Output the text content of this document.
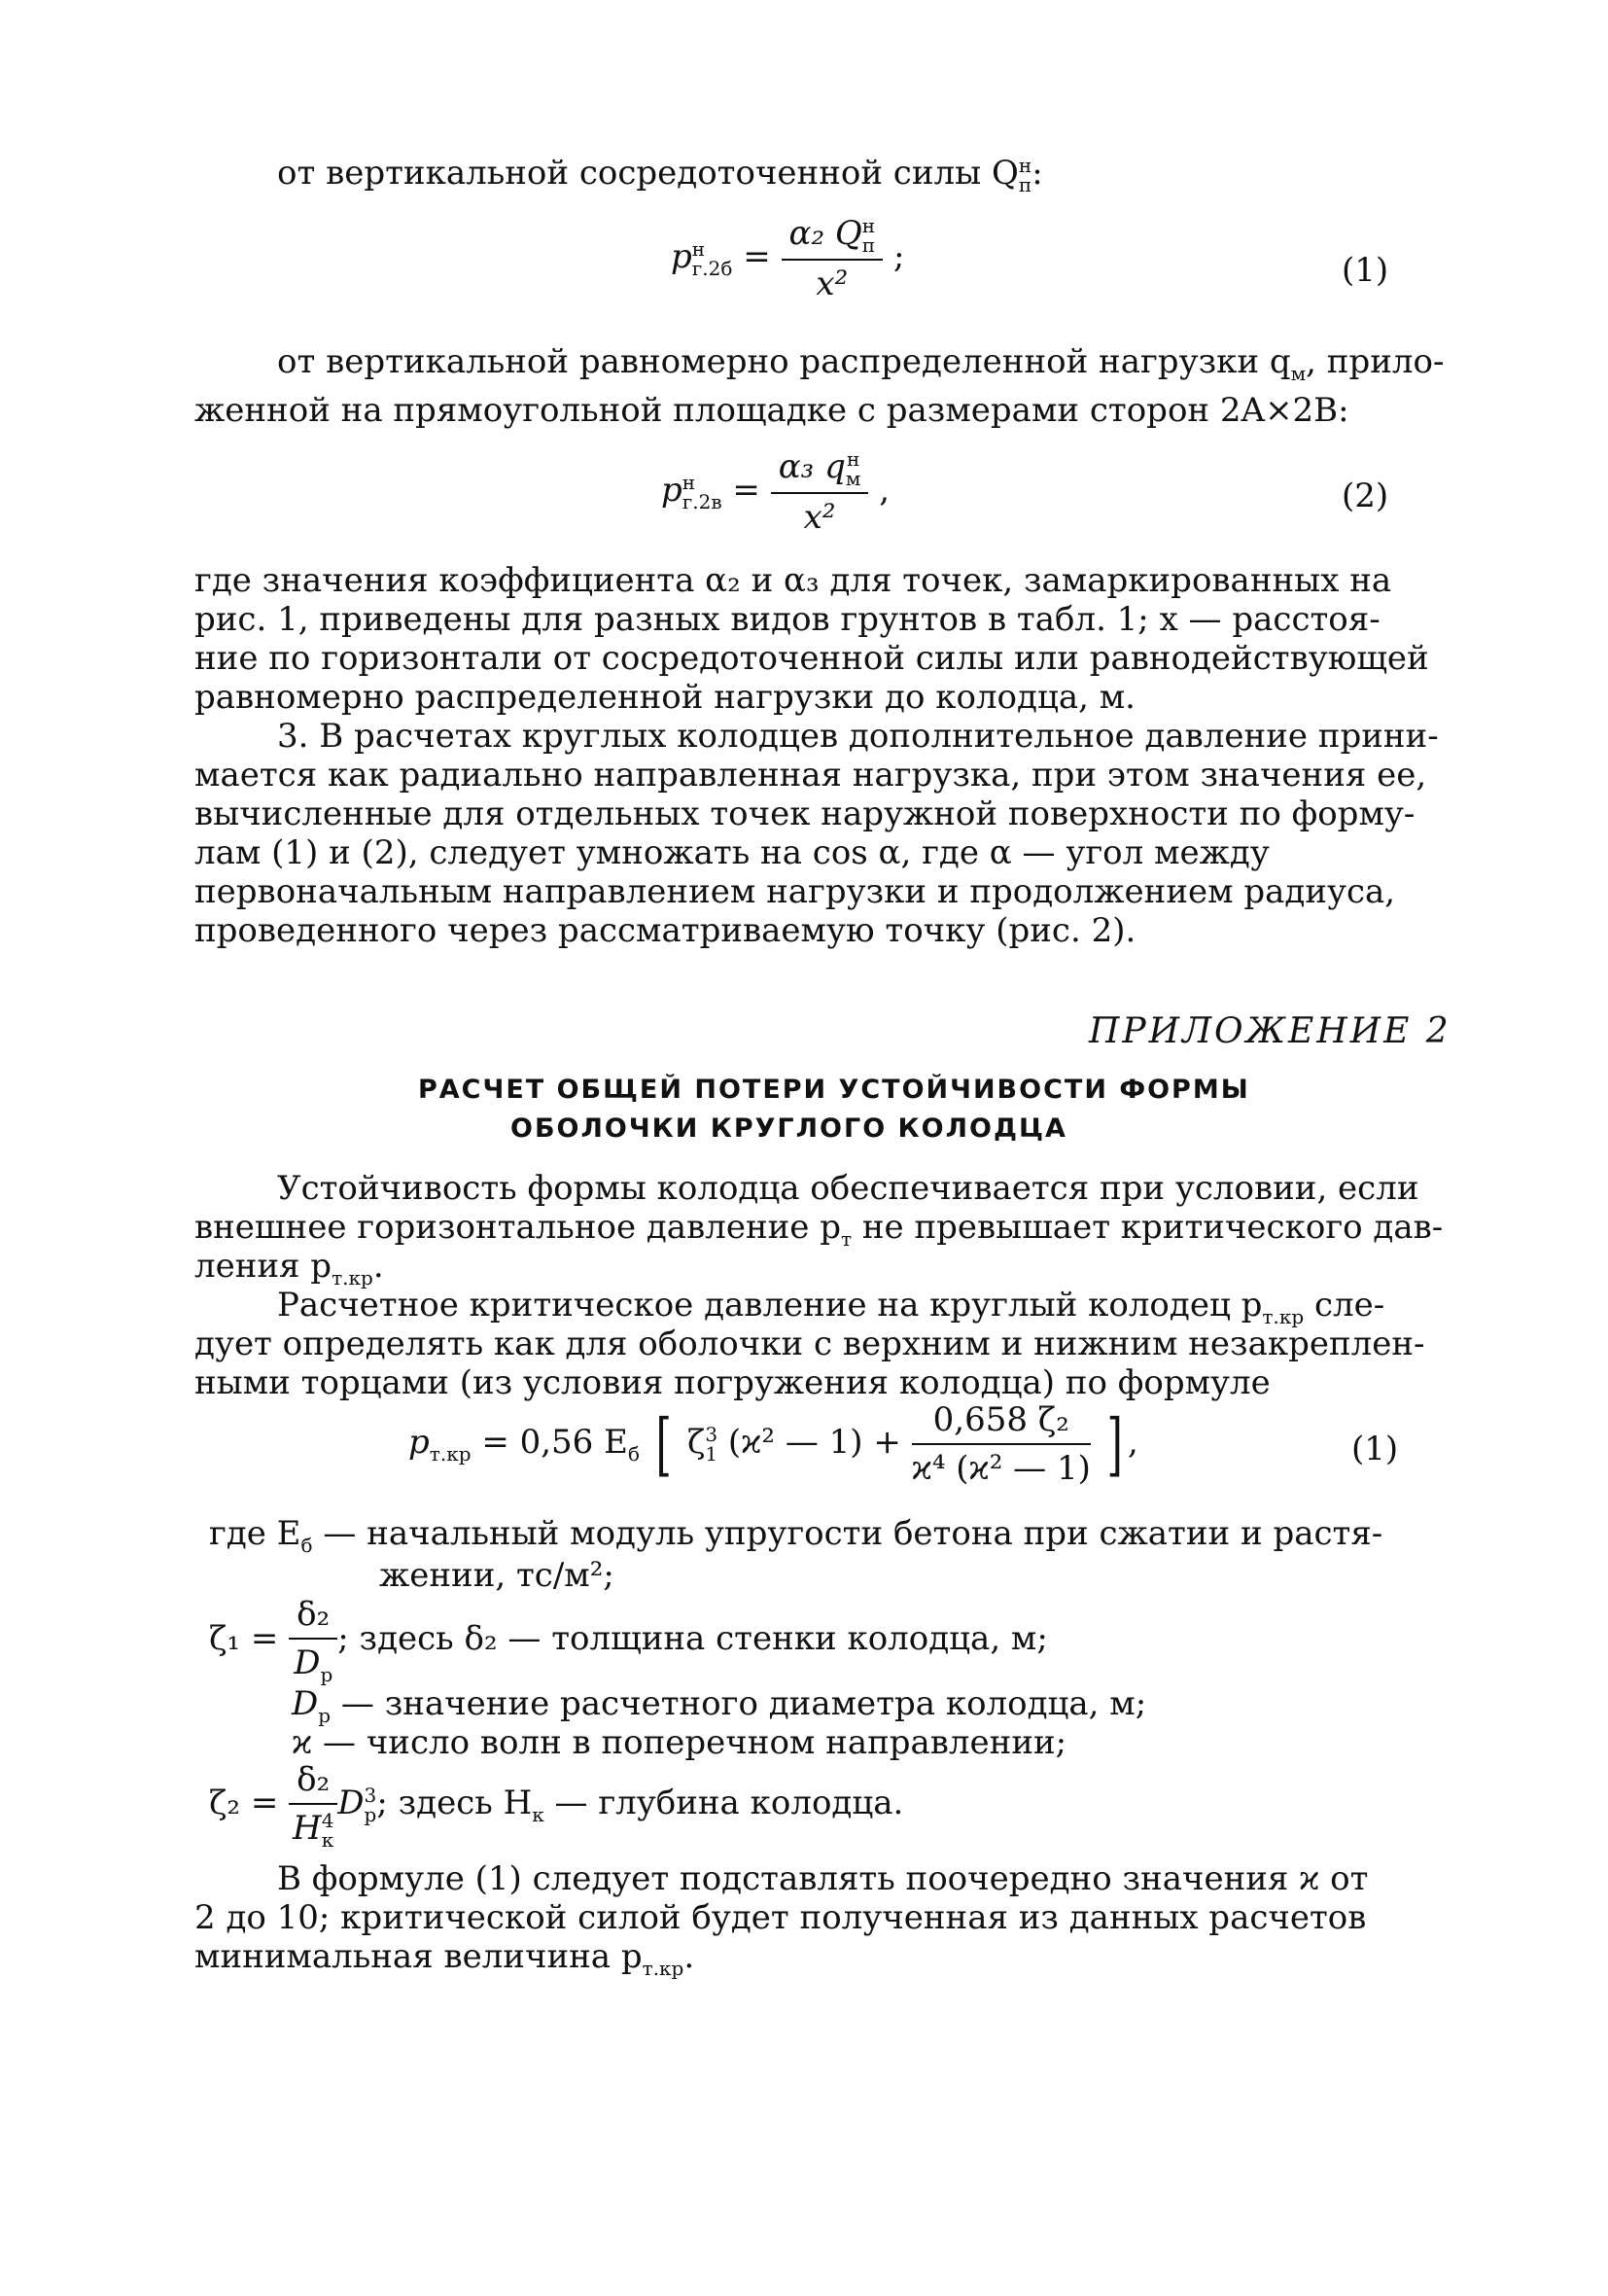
от вертикальной сосредоточенной силы Q н
п :
p н
г.2б = α₂ Q н
п
x² ;	(1)
от вертикальной равномерно распределенной нагрузки $q_м$, прило-
женной на прямоугольной площадке с размерами сторон 2A×2B:
p н
г.2в = α₃ q н
м
x² ,	(2)
где значения коэффициента α₂ и α₃ для точек, замаркированных на
рис. 1, приведены для разных видов грунтов в табл. 1; x — расстоя-
ние по горизонтали от сосредоточенной силы или равнодействующей
равномерно распределенной нагрузки до колодца, м.
3. В расчетах круглых колодцев дополнительное давление прини-
мается как радиально направленная нагрузка, при этом значения ее,
вычисленные для отдельных точек наружной поверхности по форму-
лам (1) и (2), следует умножать на cos α, где α — угол между
первоначальным направлением нагрузки и продолжением радиуса,
проведенного через рассматриваемую точку (рис. 2).
ПРИЛОЖЕНИЕ 2
РАСЧЕТ ОБЩЕЙ ПОТЕРИ УСТОЙЧИВОСТИ ФОРМЫ
ОБОЛОЧКИ КРУГЛОГО КОЛОДЦА
Устойчивость формы колодца обеспечивается при условии, если
внешнее горизонтальное давление $p_т$ не превышает критического дав-
ления $p_{т.кр}$.
Расчетное критическое давление на круглый колодец $p_{т.кр}$ сле-
дует определять как для оболочки с верхним и нижним незакреплен-
ными торцами (из условия погружения колодца) по формуле
$p_{т.кр} = 0,56$ $E_б$ [ ζ 3
1 (ϰ² — $1) + \frac{\text{0,658 ζ₂}}{\text{ϰ⁴ (ϰ² — 1)}}$ ] ,	(1)
где $E_б$ — начальный модуль упругости бетона при сжатии и растя-
жении, тс/м²;
$\zeta_1 = \frac{\text{δ₂}}{D_р}$ ; здесь δ₂ — толщина стенки колодца, м;
$D_р$ — значение расчетного диаметра колодца, м;
ϰ — число волн в поперечном направлении;
ζ₂ = δ₂
H 4
к D 3
р ; здесь $H_к$ — глубина колодца.
В формуле (1) следует подставлять поочередно значения ϰ от
2 до 10; критической силой будет полученная из данных расчетов
минимальная величина $p_{т.кр}$.
